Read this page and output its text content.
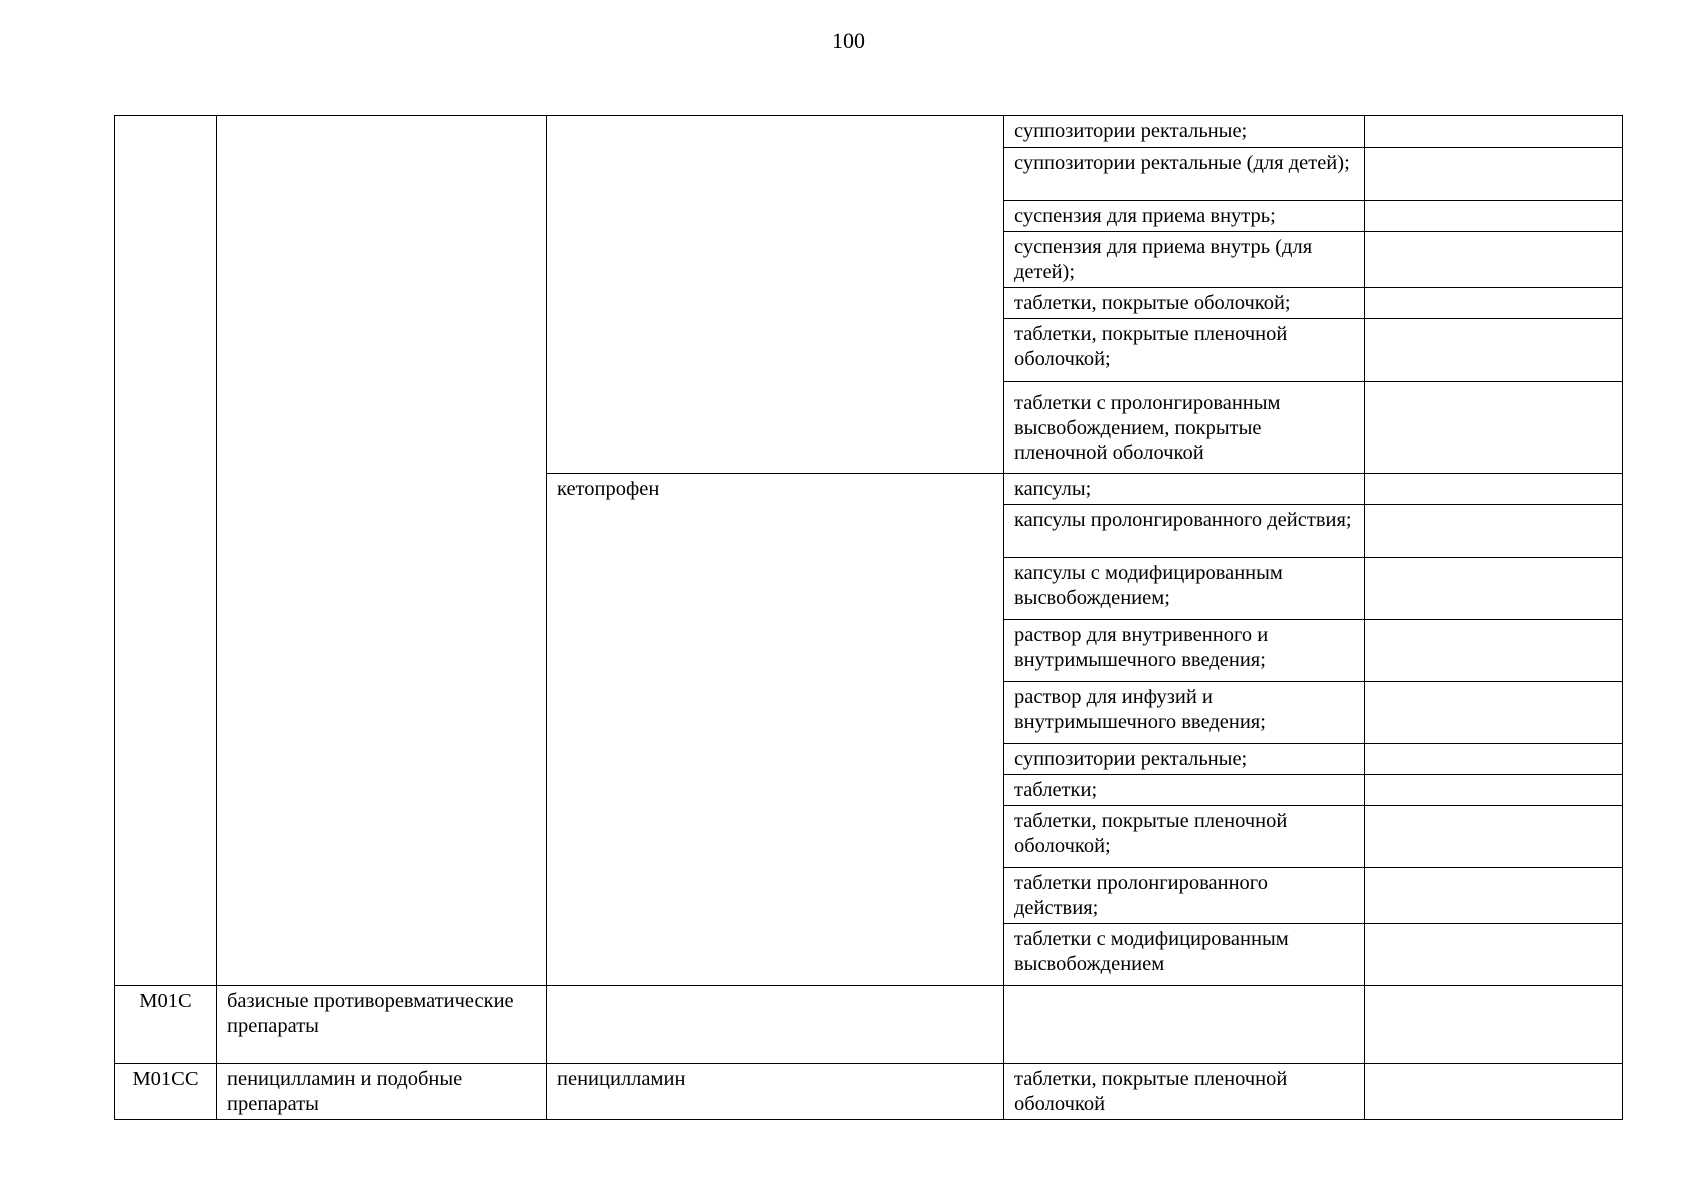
100
			суппозитории ректальные;	
			суппозитории ректальные (для детей);	
			суспензия для приема внутрь;	
			суспензия для приема внутрь (для детей);	
			таблетки, покрытые оболочкой;	
			таблетки, покрытые пленочной оболочкой;	
			таблетки с пролонгированным высвобождением, покрытые пленочной оболочкой	
		кетопрофен	капсулы;	
			капсулы пролонгированного действия;	
			капсулы с модифицированным высвобождением;	
			раствор для внутривенного и внутримышечного введения;	
			раствор для инфузий и внутримышечного введения;	
			суппозитории ректальные;	
			таблетки;	
			таблетки, покрытые пленочной оболочкой;	
			таблетки пролонгированного действия;	
			таблетки с модифицированным высвобождением	
M01C	базисные противоревматические препараты			
M01CC	пеницилламин и подобные препараты	пеницилламин	таблетки, покрытые пленочной оболочкой	
